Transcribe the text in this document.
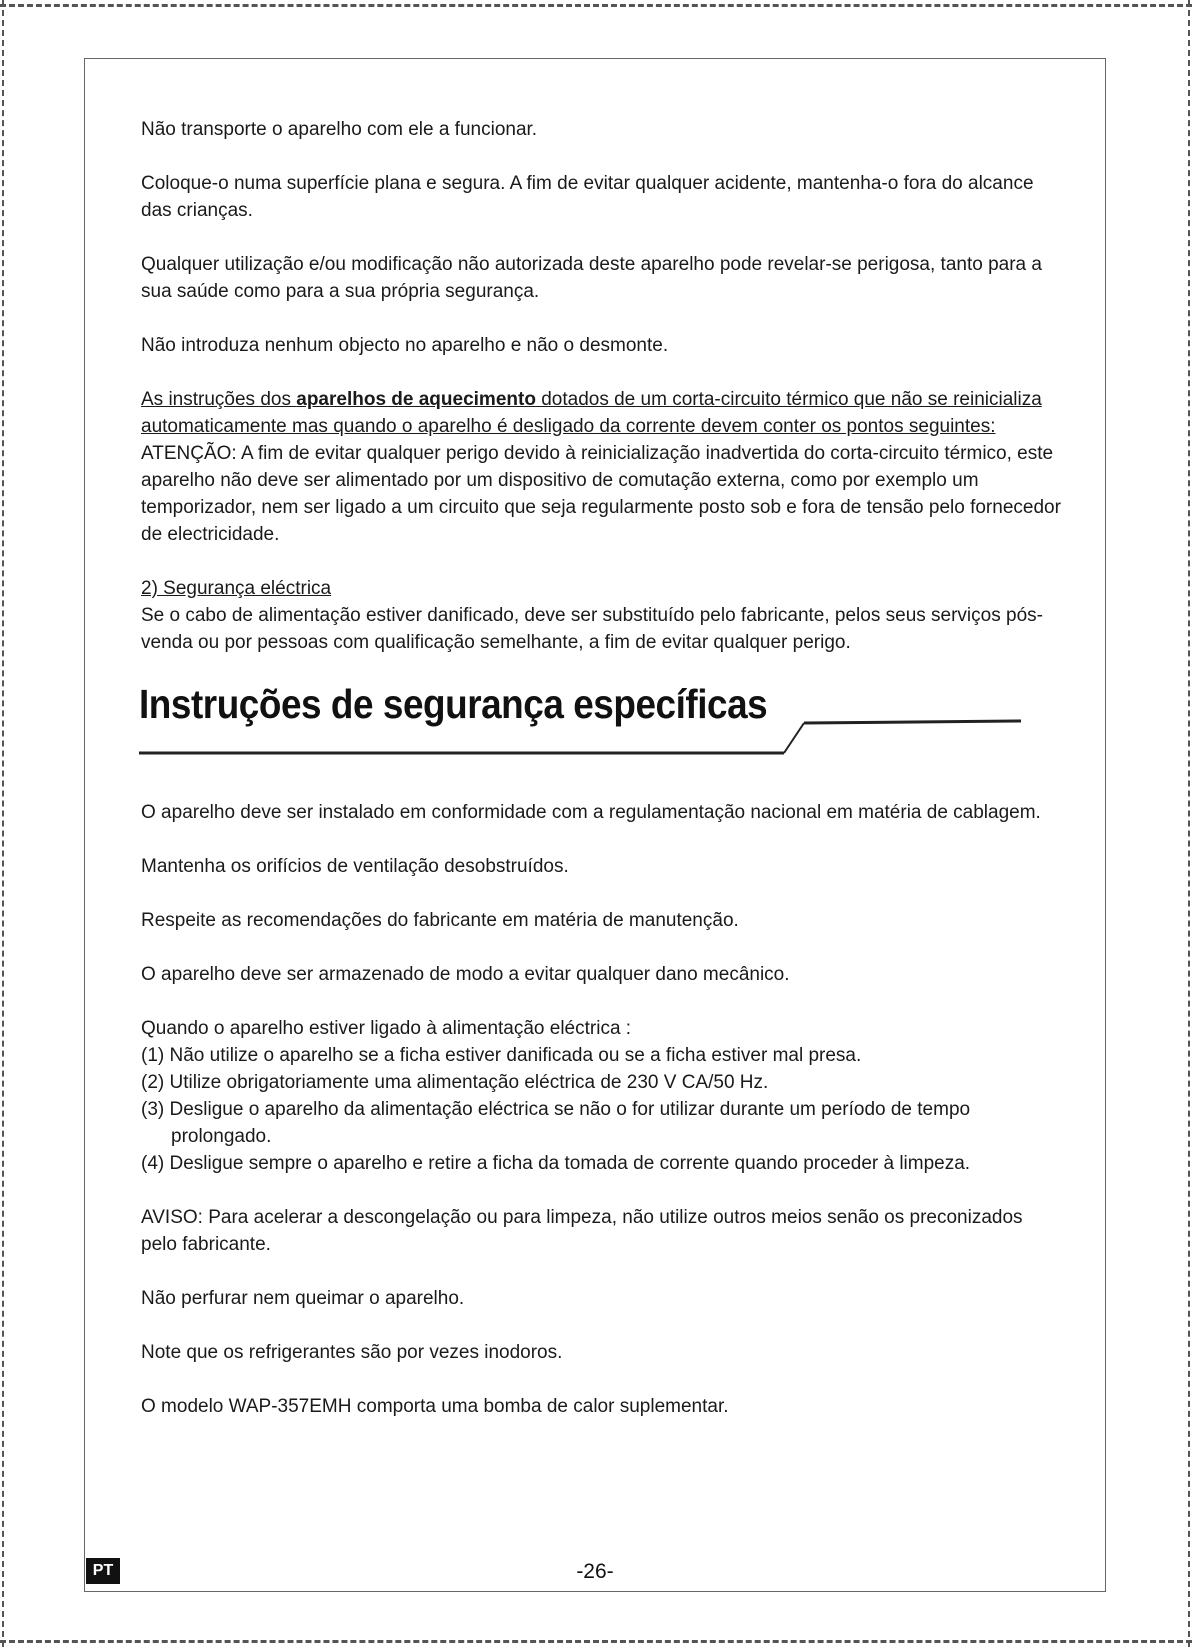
Não transporte o aparelho com ele a funcionar.

Coloque-o numa superfície plana e segura. A fim de evitar qualquer acidente, mantenha-o fora do alcance das crianças.

Qualquer utilização e/ou modificação não autorizada deste aparelho pode revelar-se perigosa, tanto para a sua saúde como para a sua própria segurança.

Não introduza nenhum objecto no aparelho e não o desmonte.

As instruções dos aparelhos de aquecimento dotados de um corta-circuito térmico que não se reinicializa automaticamente mas quando o aparelho é desligado da corrente devem conter os pontos seguintes:

ATENÇÃO: A fim de evitar qualquer perigo devido à reinicialização inadvertida do corta-circuito térmico, este aparelho não deve ser alimentado por um dispositivo de comutação externa, como por exemplo um temporizador, nem ser ligado a um circuito que seja regularmente posto sob e fora de tensão pelo fornecedor de electricidade.

2) Segurança eléctrica

Se o cabo de alimentação estiver danificado, deve ser substituído pelo fabricante, pelos seus serviços pós-venda ou por pessoas com qualificação semelhante, a fim de evitar qualquer perigo.

Instruções de segurança específicas

O aparelho deve ser instalado em conformidade com a regulamentação nacional em matéria de cablagem.

Mantenha os orifícios de ventilação desobstruídos.

Respeite as recomendações do fabricante em matéria de manutenção.

O aparelho deve ser armazenado de modo a evitar qualquer dano mecânico.

Quando o aparelho estiver ligado à alimentação eléctrica :

(1) Não utilize o aparelho se a ficha estiver danificada ou se a ficha estiver mal presa.
(2) Utilize obrigatoriamente uma alimentação eléctrica de 230 V CA/50 Hz.
(3) Desligue o aparelho da alimentação eléctrica se não o for utilizar durante um período de tempo prolongado.
(4) Desligue sempre o aparelho e retire a ficha da tomada de corrente quando proceder à limpeza.

AVISO: Para acelerar a descongelação ou para limpeza, não utilize outros meios senão os preconizados pelo fabricante.

Não perfurar nem queimar o aparelho.

Note que os refrigerantes são por vezes inodoros.

O modelo WAP-357EMH comporta uma bomba de calor suplementar.

PT	-26-
